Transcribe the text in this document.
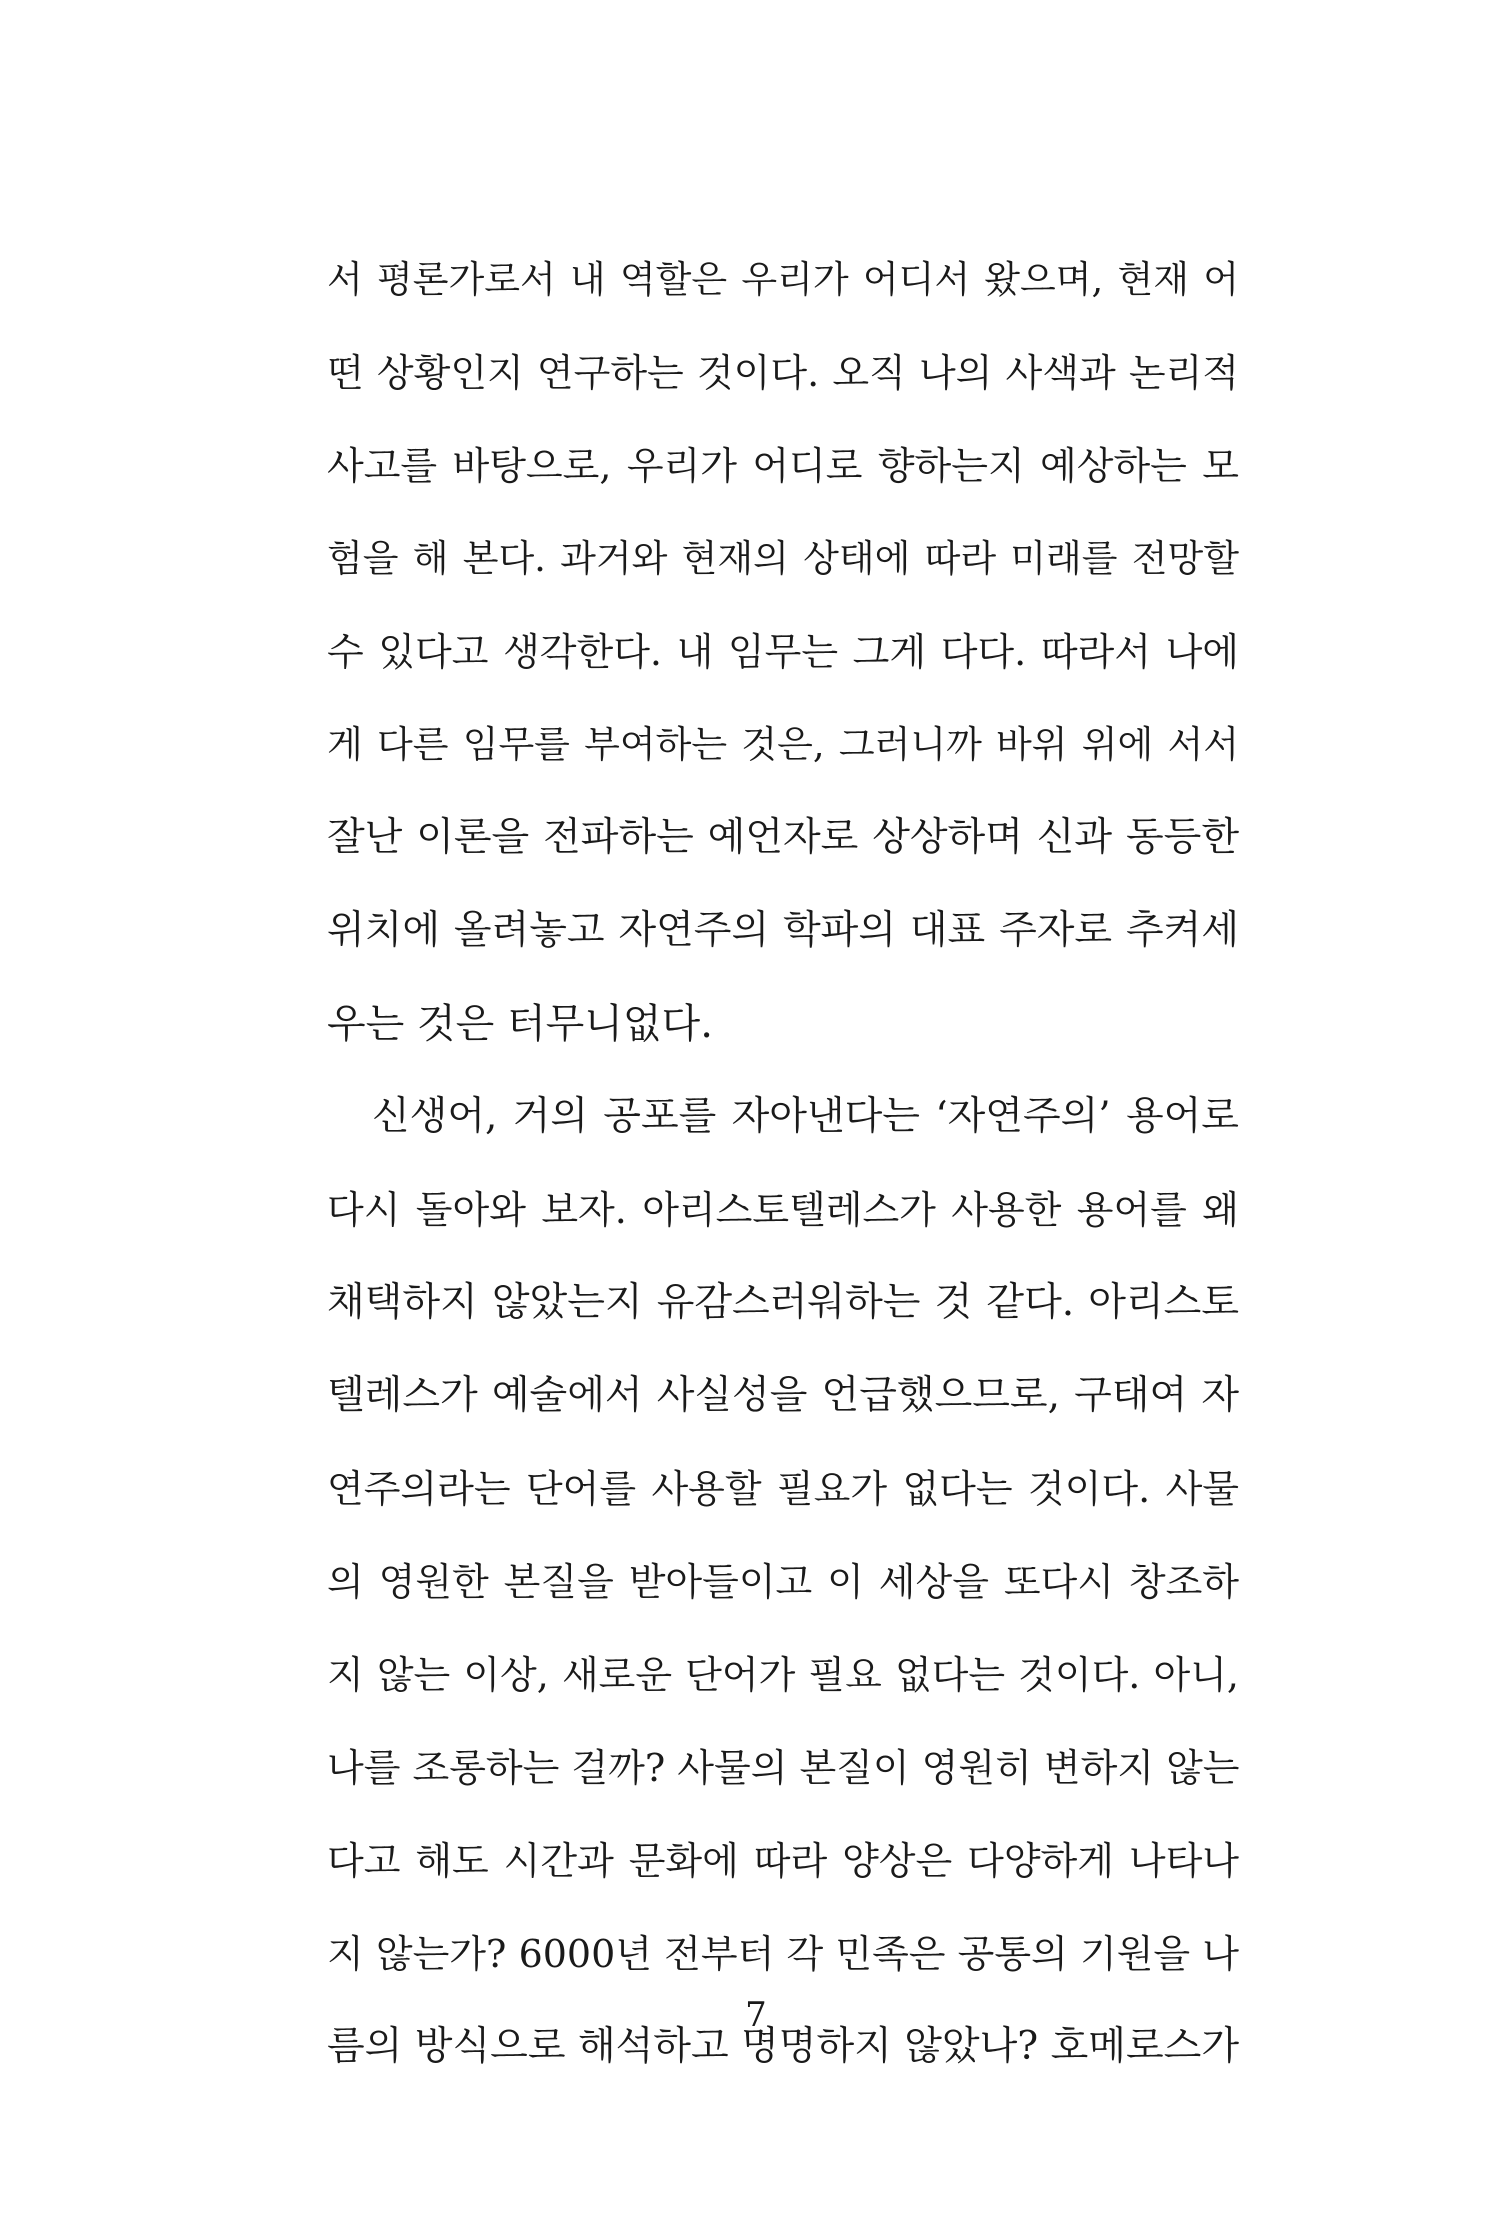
서 평론가로서 내 역할은 우리가 어디서 왔으며, 현재 어
떤 상황인지 연구하는 것이다. 오직 나의 사색과 논리적
사고를 바탕으로, 우리가 어디로 향하는지 예상하는 모
험을 해 본다. 과거와 현재의 상태에 따라 미래를 전망할
수 있다고 생각한다. 내 임무는 그게 다다. 따라서 나에
게 다른 임무를 부여하는 것은, 그러니까 바위 위에 서서
잘난 이론을 전파하는 예언자로 상상하며 신과 동등한
위치에 올려놓고 자연주의 학파의 대표 주자로 추켜세
우는 것은 터무니없다.
신생어, 거의 공포를 자아낸다는 ‘자연주의’ 용어로
다시 돌아와 보자. 아리스토텔레스가 사용한 용어를 왜
채택하지 않았는지 유감스러워하는 것 같다. 아리스토
텔레스가 예술에서 사실성을 언급했으므로, 구태여 자
연주의라는 단어를 사용할 필요가 없다는 것이다. 사물
의 영원한 본질을 받아들이고 이 세상을 또다시 창조하
지 않는 이상, 새로운 단어가 필요 없다는 것이다. 아니,
나를 조롱하는 걸까? 사물의 본질이 영원히 변하지 않는
다고 해도 시간과 문화에 따라 양상은 다양하게 나타나
지 않는가? 6000년 전부터 각 민족은 공통의 기원을 나
름의 방식으로 해석하고 명명하지 않았나? 호메로스가
7
